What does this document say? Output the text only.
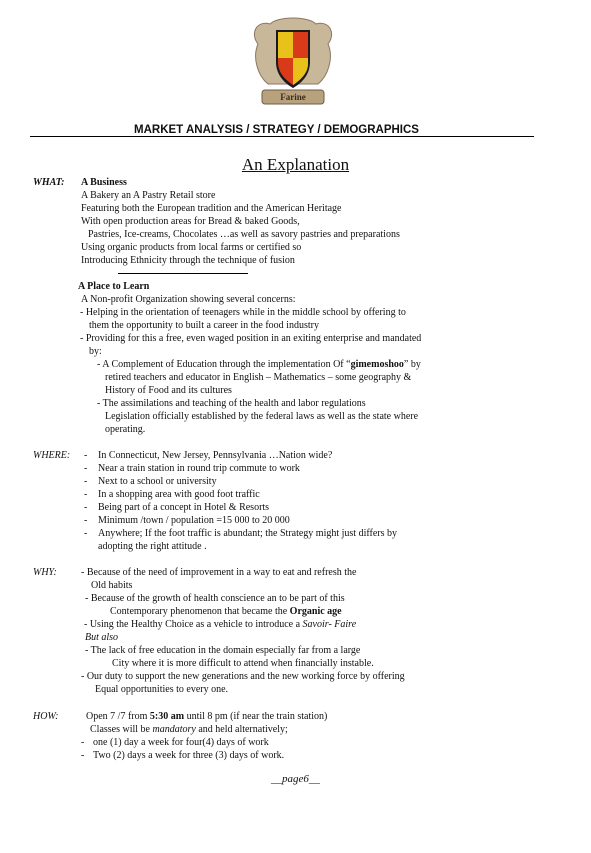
Farine
MARKET ANALYSIS / STRATEGY / DEMOGRAPHICS
An Explanation
WHAT: A Business
A Bakery an A Pastry Retail store
Featuring both the European tradition and the American Heritage
With open production areas for Bread & baked Goods,
Pastries, Ice-creams, Chocolates …as well as savory pastries and preparations
Using organic products from local farms or certified so
Introducing Ethnicity through the technique of fusion
A Place to Learn
A Non-profit Organization showing several concerns:
- Helping in the orientation of teenagers while in the middle school by offering to
them the opportunity to built a career in the food industry
- Providing for this a free, even waged position in an exiting enterprise and mandated
by:
- A Complement of Education through the implementation Of “gimemoshoo” by
retired teachers and educator in English – Mathematics – some geography &
History of Food and its cultures
- The assimilations and teaching of the health and labor regulations
Legislation officially established by the federal laws as well as the state where
operating.
WHERE: - In Connecticut, New Jersey, Pennsylvania …Nation wide?
- Near a train station in round trip commute to work
- Next to a school or university
- In a shopping area with good foot traffic
- Being part of a concept in Hotel & Resorts
- Minimum /town / population =15 000 to 20 000
- Anywhere; If the foot traffic is abundant; the Strategy might just differs by
adopting the right attitude .
WHY: - Because of the need of improvement in a way to eat and refresh the
Old habits
- Because of the growth of health conscience an to be part of this
Contemporary phenomenon that became the Organic age
- Using the Healthy Choice as a vehicle to introduce a Savoir- Faire
But also
- The lack of free education in the domain especially far from a large
City where it is more difficult to attend when financially instable.
- Our duty to support the new generations and the new working force by offering
Equal opportunities to every one.
HOW:	Open 7 /7 from 5:30 am until 8 pm (if near the train station)
Classes will be mandatory and held alternatively;
- one (1) day a week for four(4) days of work
- Two (2) days a week for three (3) days of work.
__page6__
